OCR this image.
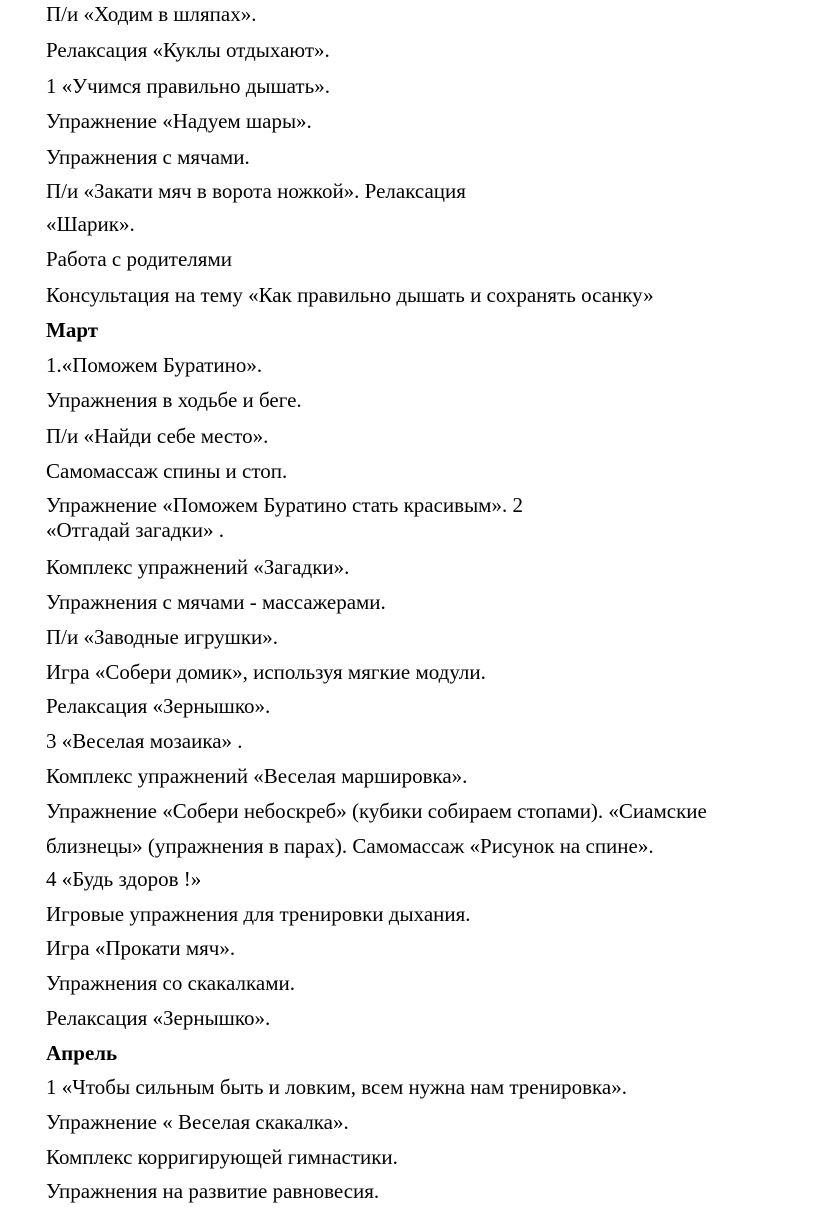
П/и «Ходим в шляпах».
Релаксация «Куклы отдыхают».
1 «Учимся правильно дышать».
Упражнение «Надуем шары».
Упражнения с мячами.
П/и «Закати мяч в ворота ножкой». Релаксация
«Шарик».
Работа с родителями
Консультация на тему «Как правильно дышать и сохранять осанку»
Март
1.«Поможем Буратино».
Упражнения в ходьбе и беге.
П/и «Найди себе место».
Самомассаж спины и стоп.
Упражнение «Поможем Буратино стать красивым». 2
«Отгадай загадки» .
Комплекс упражнений «Загадки».
Упражнения с мячами - массажерами.
П/и «Заводные игрушки».
Игра «Собери домик», используя мягкие модули.
Релаксация «Зернышко».
3 «Веселая мозаика» .
Комплекс упражнений «Веселая маршировка».
Упражнение «Собери небоскреб» (кубики собираем стопами). «Сиамские
близнецы» (упражнения в парах). Самомассаж «Рисунок на спине».
4 «Будь здоров !»
Игровые упражнения для тренировки дыхания.
Игра «Прокати мяч».
Упражнения со скакалками.
Релаксация «Зернышко».
Апрель
1 «Чтобы сильным быть и ловким, всем нужна нам тренировка».
Упражнение « Веселая скакалка».
Комплекс корригирующей гимнастики.
Упражнения на развитие равновесия.
